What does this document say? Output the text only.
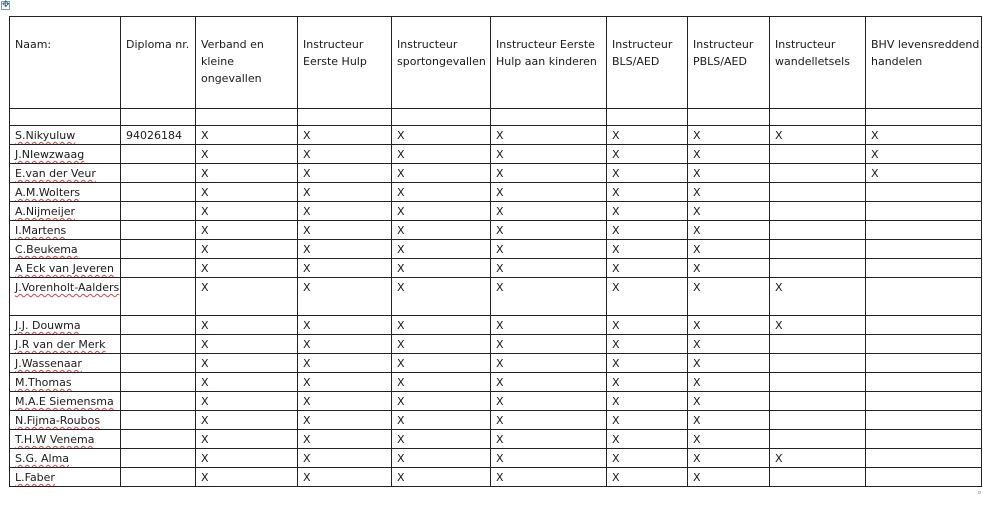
✥
Naam:	Diploma nr.	Verband en kleine ongevallen	Instructeur Eerste Hulp	Instructeur sportongevallen	Instructeur Eerste Hulp aan kinderen	Instructeur BLS/AED	Instructeur PBLS/AED	Instructeur wandelletsels	BHV levensreddend handelen

S.Nikyuluw	94026184	X	X	X	X	X	X	X	X
J.NIewzwaag		X	X	X	X	X	X		X
E.van der Veur		X	X	X	X	X	X		X
A.M.Wolters		X	X	X	X	X	X		
A.Nijmeijer		X	X	X	X	X	X		
I.Martens		X	X	X	X	X	X		
C.Beukema		X	X	X	X	X	X		
A Eck van Jeveren		X	X	X	X	X	X		
J.Vorenholt-Aalders		X	X	X	X	X	X	X	
J.J. Douwma		X	X	X	X	X	X	X	
J.R van der Merk		X	X	X	X	X	X		
J.Wassenaar		X	X	X	X	X	X		
M.Thomas		X	X	X	X	X	X		
M.A.E Siemensma		X	X	X	X	X	X		
N.Fijma-Roubos		X	X	X	X	X	X		
T.H.W Venema		X	X	X	X	X	X		
S.G. Alma		X	X	X	X	X	X	X	
L.Faber		X	X	X	X	X	X		
